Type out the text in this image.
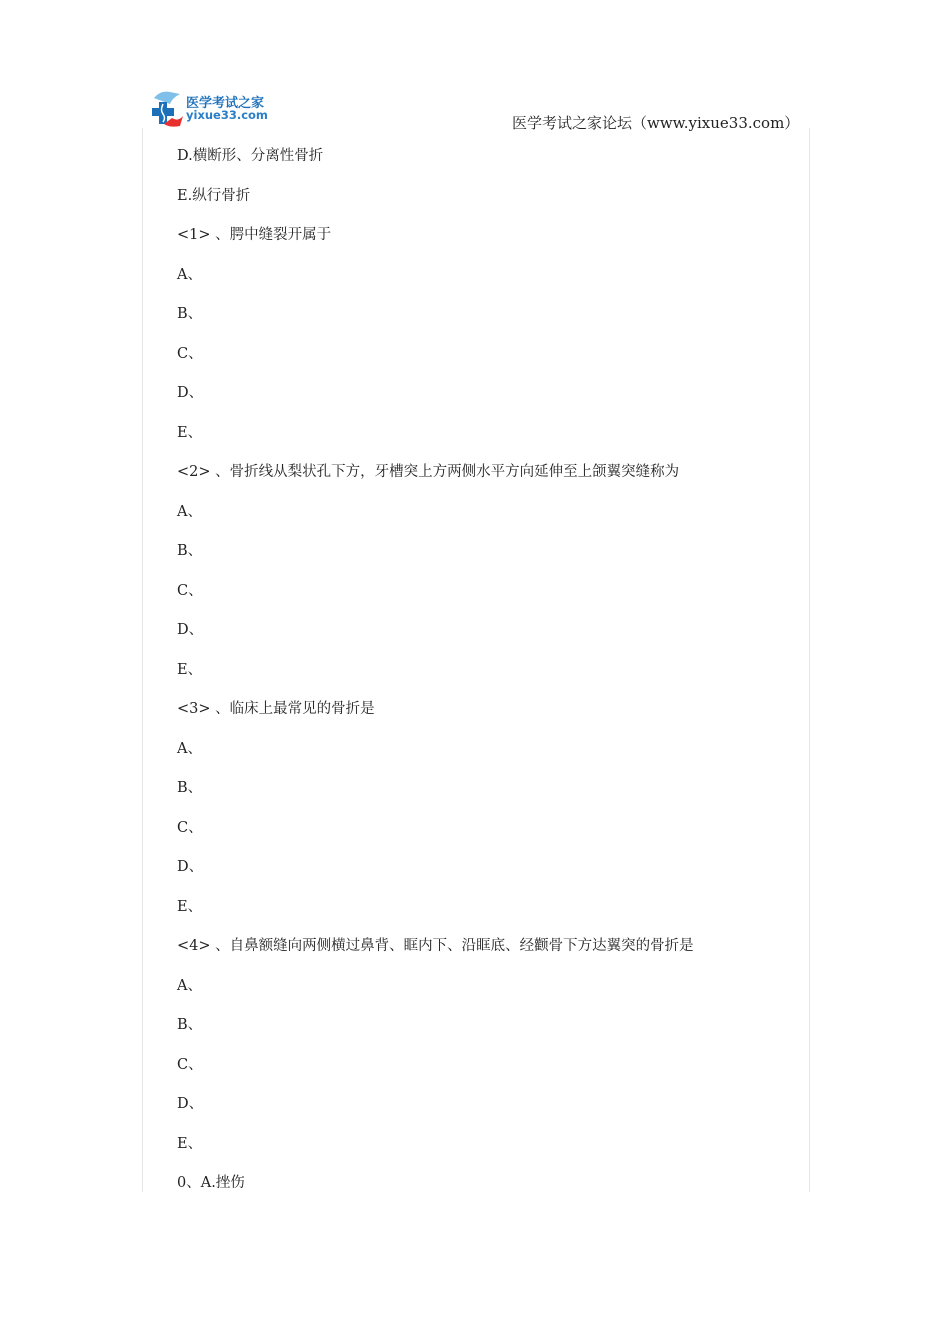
医学考试之家
yixue33.com	医学考试之家论坛（www.yixue33.com）
D.横断形、分离性骨折
E.纵行骨折
<1> 、腭中缝裂开属于
A、
B、
C、
D、
E、
<2> 、骨折线从梨状孔下方，牙槽突上方两侧水平方向延伸至上颌翼突缝称为
A、
B、
C、
D、
E、
<3> 、临床上最常见的骨折是
A、
B、
C、
D、
E、
<4> 、自鼻额缝向两侧横过鼻背、眶内下、沿眶底、经颧骨下方达翼突的骨折是
A、
B、
C、
D、
E、
0、A.挫伤
